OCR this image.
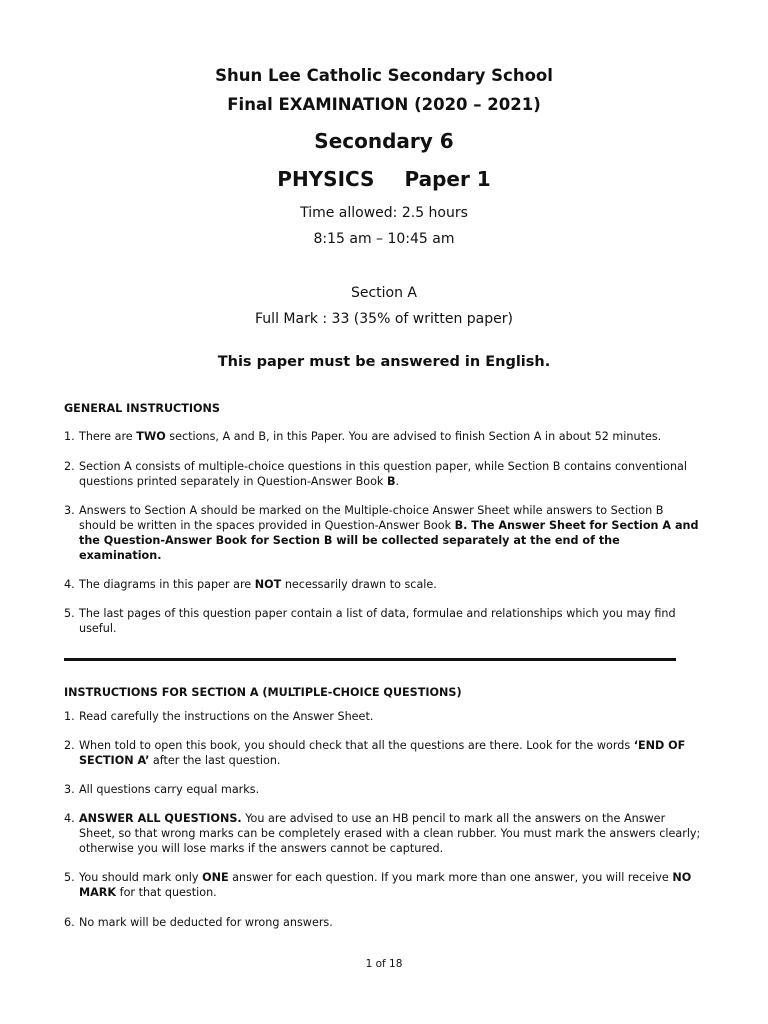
Shun Lee Catholic Secondary School
Final EXAMINATION (2020 – 2021)
Secondary 6
PHYSICS Paper 1
Time allowed: 2.5 hours
8:15 am – 10:45 am
Section A
Full Mark : 33 (35% of written paper)
This paper must be answered in English.
GENERAL INSTRUCTIONS
1. There are TWO sections, A and B, in this Paper. You are advised to finish Section A in about 52 minutes.
2. Section A consists of multiple-choice questions in this question paper, while Section B contains conventional questions printed separately in Question-Answer Book B.
3. Answers to Section A should be marked on the Multiple-choice Answer Sheet while answers to Section B should be written in the spaces provided in Question-Answer Book B. The Answer Sheet for Section A and the Question-Answer Book for Section B will be collected separately at the end of the examination.
4. The diagrams in this paper are NOT necessarily drawn to scale.
5. The last pages of this question paper contain a list of data, formulae and relationships which you may find useful.
INSTRUCTIONS FOR SECTION A (MULTIPLE-CHOICE QUESTIONS)
1. Read carefully the instructions on the Answer Sheet.
2. When told to open this book, you should check that all the questions are there. Look for the words ‘END OF SECTION A’ after the last question.
3. All questions carry equal marks.
4. ANSWER ALL QUESTIONS. You are advised to use an HB pencil to mark all the answers on the Answer Sheet, so that wrong marks can be completely erased with a clean rubber. You must mark the answers clearly; otherwise you will lose marks if the answers cannot be captured.
5. You should mark only ONE answer for each question. If you mark more than one answer, you will receive NO MARK for that question.
6. No mark will be deducted for wrong answers.
1 of 18
